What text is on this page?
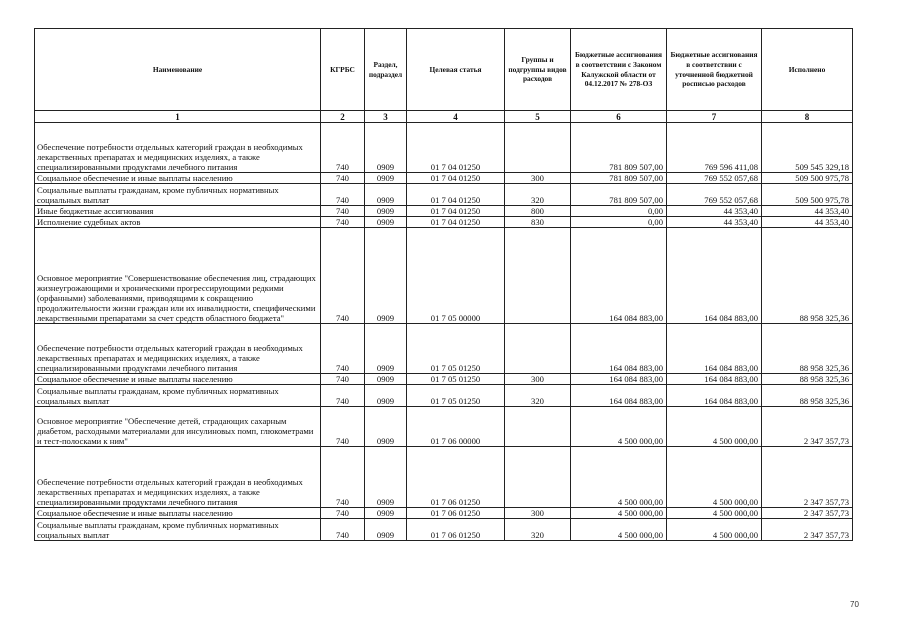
Наименование	КГРБС	Раздел, подраздел	Целевая статья	Группы и подгруппы видов расходов	Бюджетные ассигнования в соответствии с Законом Калужской области от 04.12.2017 № 278-ОЗ	Бюджетные ассигнования в соответствии с уточненной бюджетной росписью расходов	Исполнено
1	2	3	4	5	6	7	8
Обеспечение потребности отдельных категорий граждан в необходимых лекарственных препаратах и медицинских изделиях, а также специализированными продуктами лечебного питания	740	0909	01 7 04 01250		781 809 507,00	769 596 411,08	509 545 329,18
Социальное обеспечение и иные выплаты населению	740	0909	01 7 04 01250	300	781 809 507,00	769 552 057,68	509 500 975,78
Социальные выплаты гражданам, кроме публичных нормативных социальных выплат	740	0909	01 7 04 01250	320	781 809 507,00	769 552 057,68	509 500 975,78
Иные бюджетные ассигнования	740	0909	01 7 04 01250	800	0,00	44 353,40	44 353,40
Исполнение судебных актов	740	0909	01 7 04 01250	830	0,00	44 353,40	44 353,40
Основное мероприятие "Совершенствование обеспечения лиц, страдающих жизнеугрожающими и хроническими прогрессирующими редкими (орфанными) заболеваниями, приводящими к сокращению продолжительности жизни граждан или их инвалидности, специфическими лекарственными препаратами за счет средств областного бюджета"	740	0909	01 7 05 00000		164 084 883,00	164 084 883,00	88 958 325,36
Обеспечение потребности отдельных категорий граждан в необходимых лекарственных препаратах и медицинских изделиях, а также специализированными продуктами лечебного питания	740	0909	01 7 05 01250		164 084 883,00	164 084 883,00	88 958 325,36
Социальное обеспечение и иные выплаты населению	740	0909	01 7 05 01250	300	164 084 883,00	164 084 883,00	88 958 325,36
Социальные выплаты гражданам, кроме публичных нормативных социальных выплат	740	0909	01 7 05 01250	320	164 084 883,00	164 084 883,00	88 958 325,36
Основное мероприятие "Обеспечение детей, страдающих сахарным диабетом, расходными материалами для инсулиновых помп, глюкометрами и тест-полосками к ним"	740	0909	01 7 06 00000		4 500 000,00	4 500 000,00	2 347 357,73
Обеспечение потребности отдельных категорий граждан в необходимых лекарственных препаратах и медицинских изделиях, а также специализированными продуктами лечебного питания	740	0909	01 7 06 01250		4 500 000,00	4 500 000,00	2 347 357,73
Социальное обеспечение и иные выплаты населению	740	0909	01 7 06 01250	300	4 500 000,00	4 500 000,00	2 347 357,73
Социальные выплаты гражданам, кроме публичных нормативных социальных выплат	740	0909	01 7 06 01250	320	4 500 000,00	4 500 000,00	2 347 357,73
70
